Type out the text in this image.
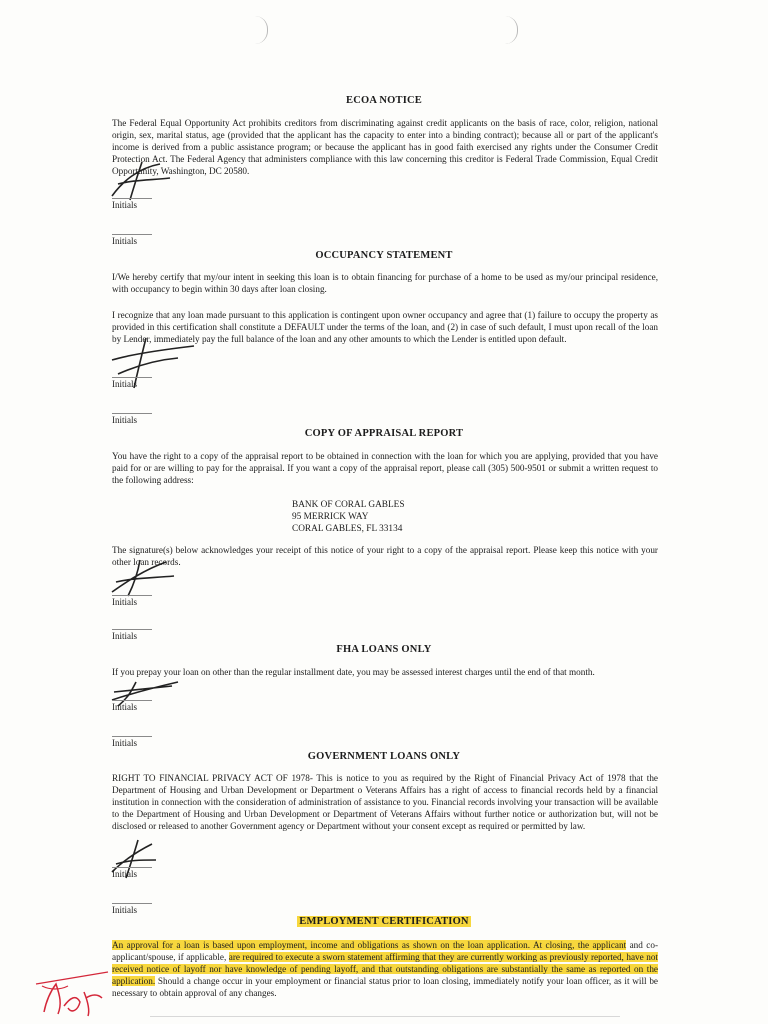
ECOA NOTICE
The Federal Equal Opportunity Act prohibits creditors from discriminating against credit applicants on the basis of race, color, religion, national origin, sex, marital status, age (provided that the applicant has the capacity to enter into a binding contract); because all or part of the applicant's income is derived from a public assistance program; or because the applicant has in good faith exercised any rights under the Consumer Credit Protection Act. The Federal Agency that administers compliance with this law concerning this creditor is Federal Trade Commission, Equal Credit Opportunity, Washington, DC 20580.
Initials
Initials
OCCUPANCY STATEMENT
I/We hereby certify that my/our intent in seeking this loan is to obtain financing for purchase of a home to be used as my/our principal residence, with occupancy to begin within 30 days after loan closing.
I recognize that any loan made pursuant to this application is contingent upon owner occupancy and agree that (1) failure to occupy the property as provided in this certification shall constitute a DEFAULT under the terms of the loan, and (2) in case of such default, I must upon recall of the loan by Lender, immediately pay the full balance of the loan and any other amounts to which the Lender is entitled upon default.
Initials
Initials
COPY OF APPRAISAL REPORT
You have the right to a copy of the appraisal report to be obtained in connection with the loan for which you are applying, provided that you have paid for or are willing to pay for the appraisal. If you want a copy of the appraisal report, please call (305) 500-9501 or submit a written request to the following address:
BANK OF CORAL GABLES
95 MERRICK WAY
CORAL GABLES, FL 33134
The signature(s) below acknowledges your receipt of this notice of your right to a copy of the appraisal report. Please keep this notice with your other loan records.
Initials
Initials
FHA LOANS ONLY
If you prepay your loan on other than the regular installment date, you may be assessed interest charges until the end of that month.
Initials
Initials
GOVERNMENT LOANS ONLY
RIGHT TO FINANCIAL PRIVACY ACT OF 1978- This is notice to you as required by the Right of Financial Privacy Act of 1978 that the Department of Housing and Urban Development or Department o Veterans Affairs has a right of access to financial records held by a financial institution in connection with the consideration of administration of assistance to you. Financial records involving your transaction will be available to the Department of Housing and Urban Development or Department of Veterans Affairs without further notice or authorization but, will not be disclosed or released to another Government agency or Department without your consent except as required or permitted by law.
Initials
Initials
EMPLOYMENT CERTIFICATION
An approval for a loan is based upon employment, income and obligations as shown on the loan application. At closing, the applicant and co-applicant/spouse, if applicable, are required to execute a sworn statement affirming that they are currently working as previously reported, have not received notice of layoff nor have knowledge of pending layoff, and that outstanding obligations are substantially the same as reported on the application. Should a change occur in your employment or financial status prior to loan closing, immediately notify your loan officer, as it will be necessary to obtain approval of any changes.
